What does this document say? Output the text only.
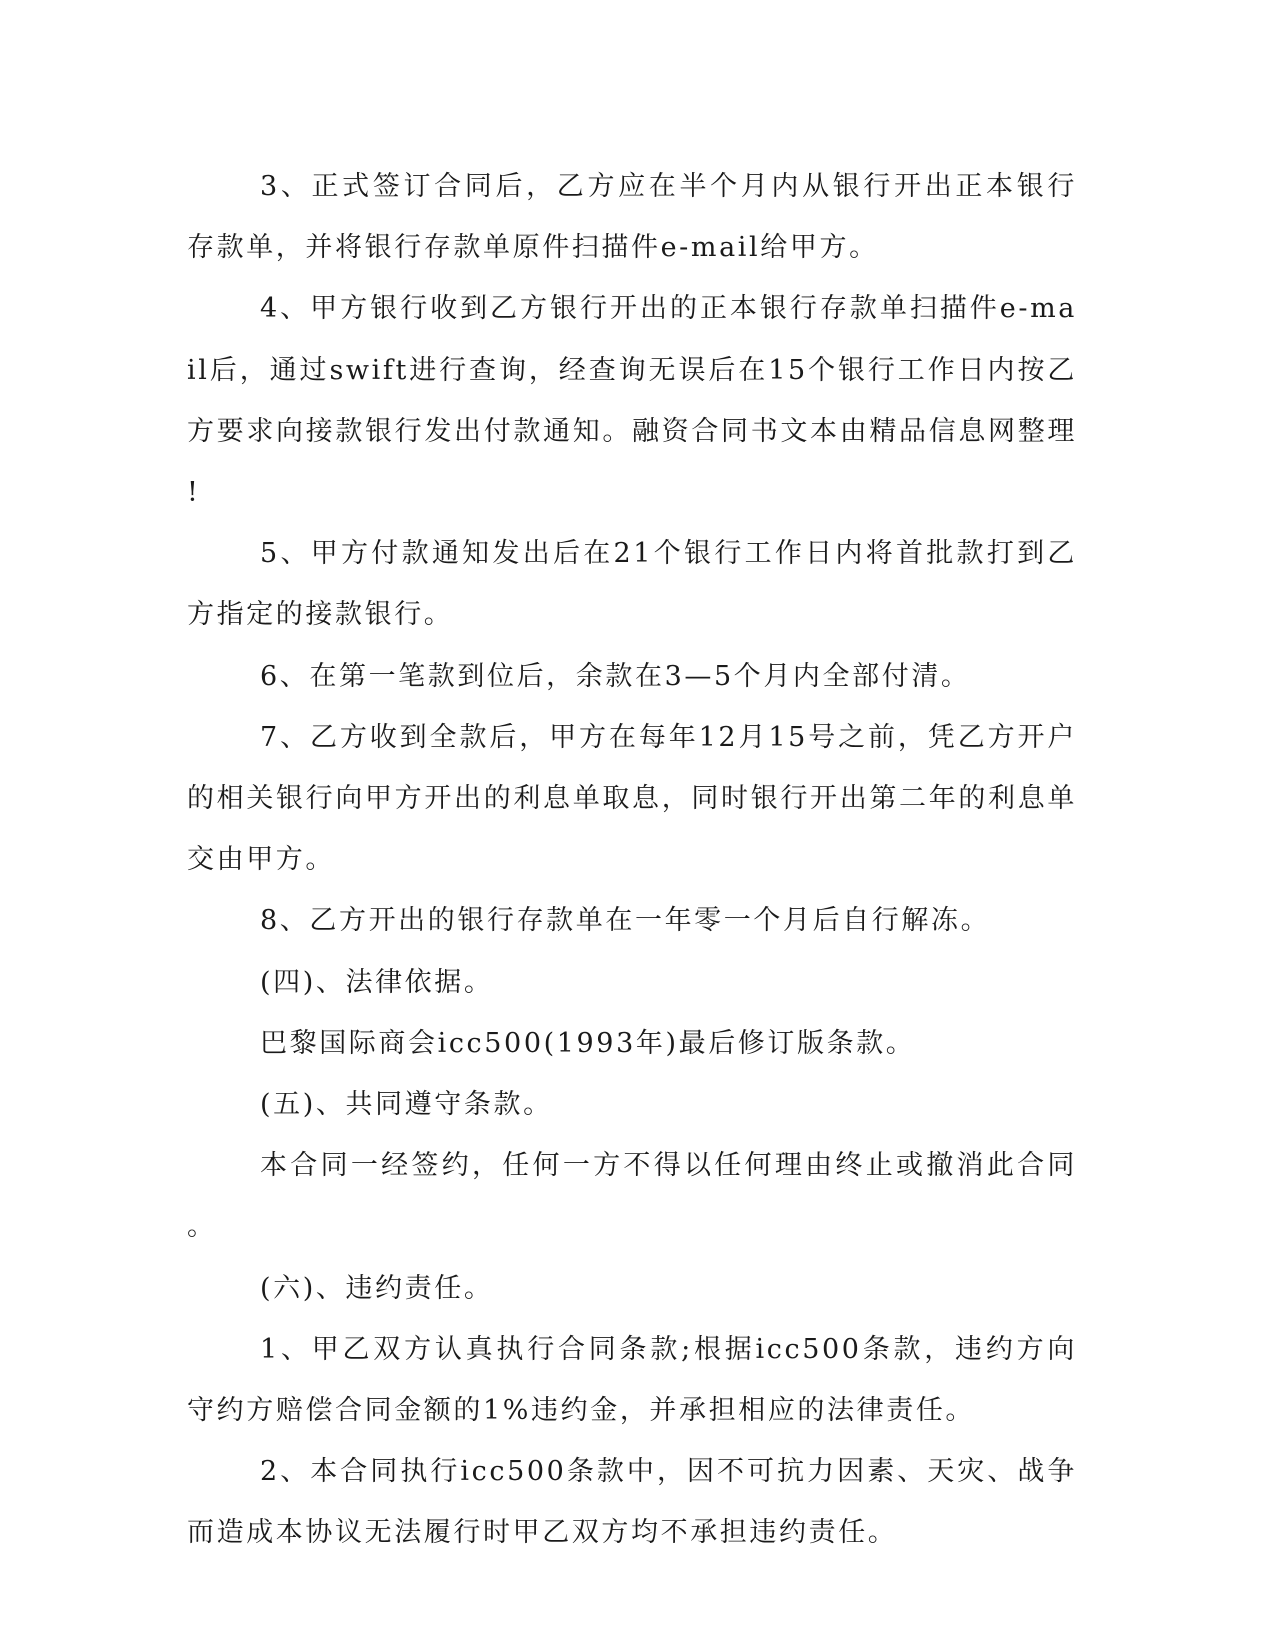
3、正式签订合同后，乙方应在半个月内从银行开出正本银行存款单，并将银行存款单原件扫描件e-mail给甲方。

4、甲方银行收到乙方银行开出的正本银行存款单扫描件e-mail后，通过swift进行查询，经查询无误后在15个银行工作日内按乙方要求向接款银行发出付款通知。融资合同书文本由精品信息网整理!

5、甲方付款通知发出后在21个银行工作日内将首批款打到乙方指定的接款银行。

6、在第一笔款到位后，余款在3—5个月内全部付清。

7、乙方收到全款后，甲方在每年12月15号之前，凭乙方开户的相关银行向甲方开出的利息单取息，同时银行开出第二年的利息单交由甲方。

8、乙方开出的银行存款单在一年零一个月后自行解冻。

(四)、法律依据。

巴黎国际商会icc500(1993年)最后修订版条款。

(五)、共同遵守条款。

本合同一经签约，任何一方不得以任何理由终止或撤消此合同。

(六)、违约责任。

1、甲乙双方认真执行合同条款;根据icc500条款，违约方向守约方赔偿合同金额的1%违约金，并承担相应的法律责任。

2、本合同执行icc500条款中，因不可抗力因素、天灾、战争而造成本协议无法履行时甲乙双方均不承担违约责任。
